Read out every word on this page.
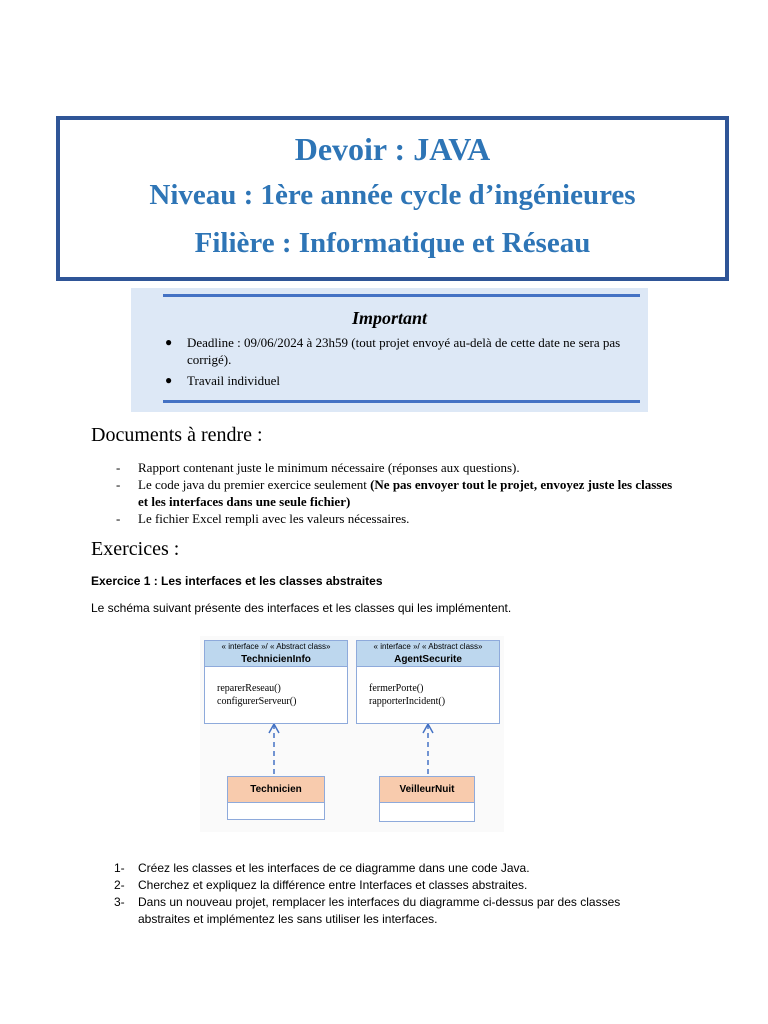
Devoir : JAVA
Niveau : 1ère année cycle d’ingénieures
Filière : Informatique et Réseau
Important
● Deadline : 09/06/2024 à 23h59 (tout projet envoyé au-delà de cette date ne sera pas corrigé).
● Travail individuel
Documents à rendre :
- Rapport contenant juste le minimum nécessaire (réponses aux questions).
- Le code java du premier exercice seulement (Ne pas envoyer tout le projet, envoyez juste les classes et les interfaces dans une seule fichier)
- Le fichier Excel rempli avec les valeurs nécessaires.
Exercices :
Exercice 1 : Les interfaces et les classes abstraites
Le schéma suivant présente des interfaces et les classes qui les implémentent.
« interface »/ « Abstract class»
TechnicienInfo
reparerReseau()
configurerServeur()
« interface »/ « Abstract class»
AgentSecurite
fermerPorte()
rapporterIncident()
Technicien	VeilleurNuit
1- Créez les classes et les interfaces de ce diagramme dans une code Java.
2- Cherchez et expliquez la différence entre Interfaces et classes abstraites.
3- Dans un nouveau projet, remplacer les interfaces du diagramme ci-dessus par des classes abstraites et implémentez les sans utiliser les interfaces.
